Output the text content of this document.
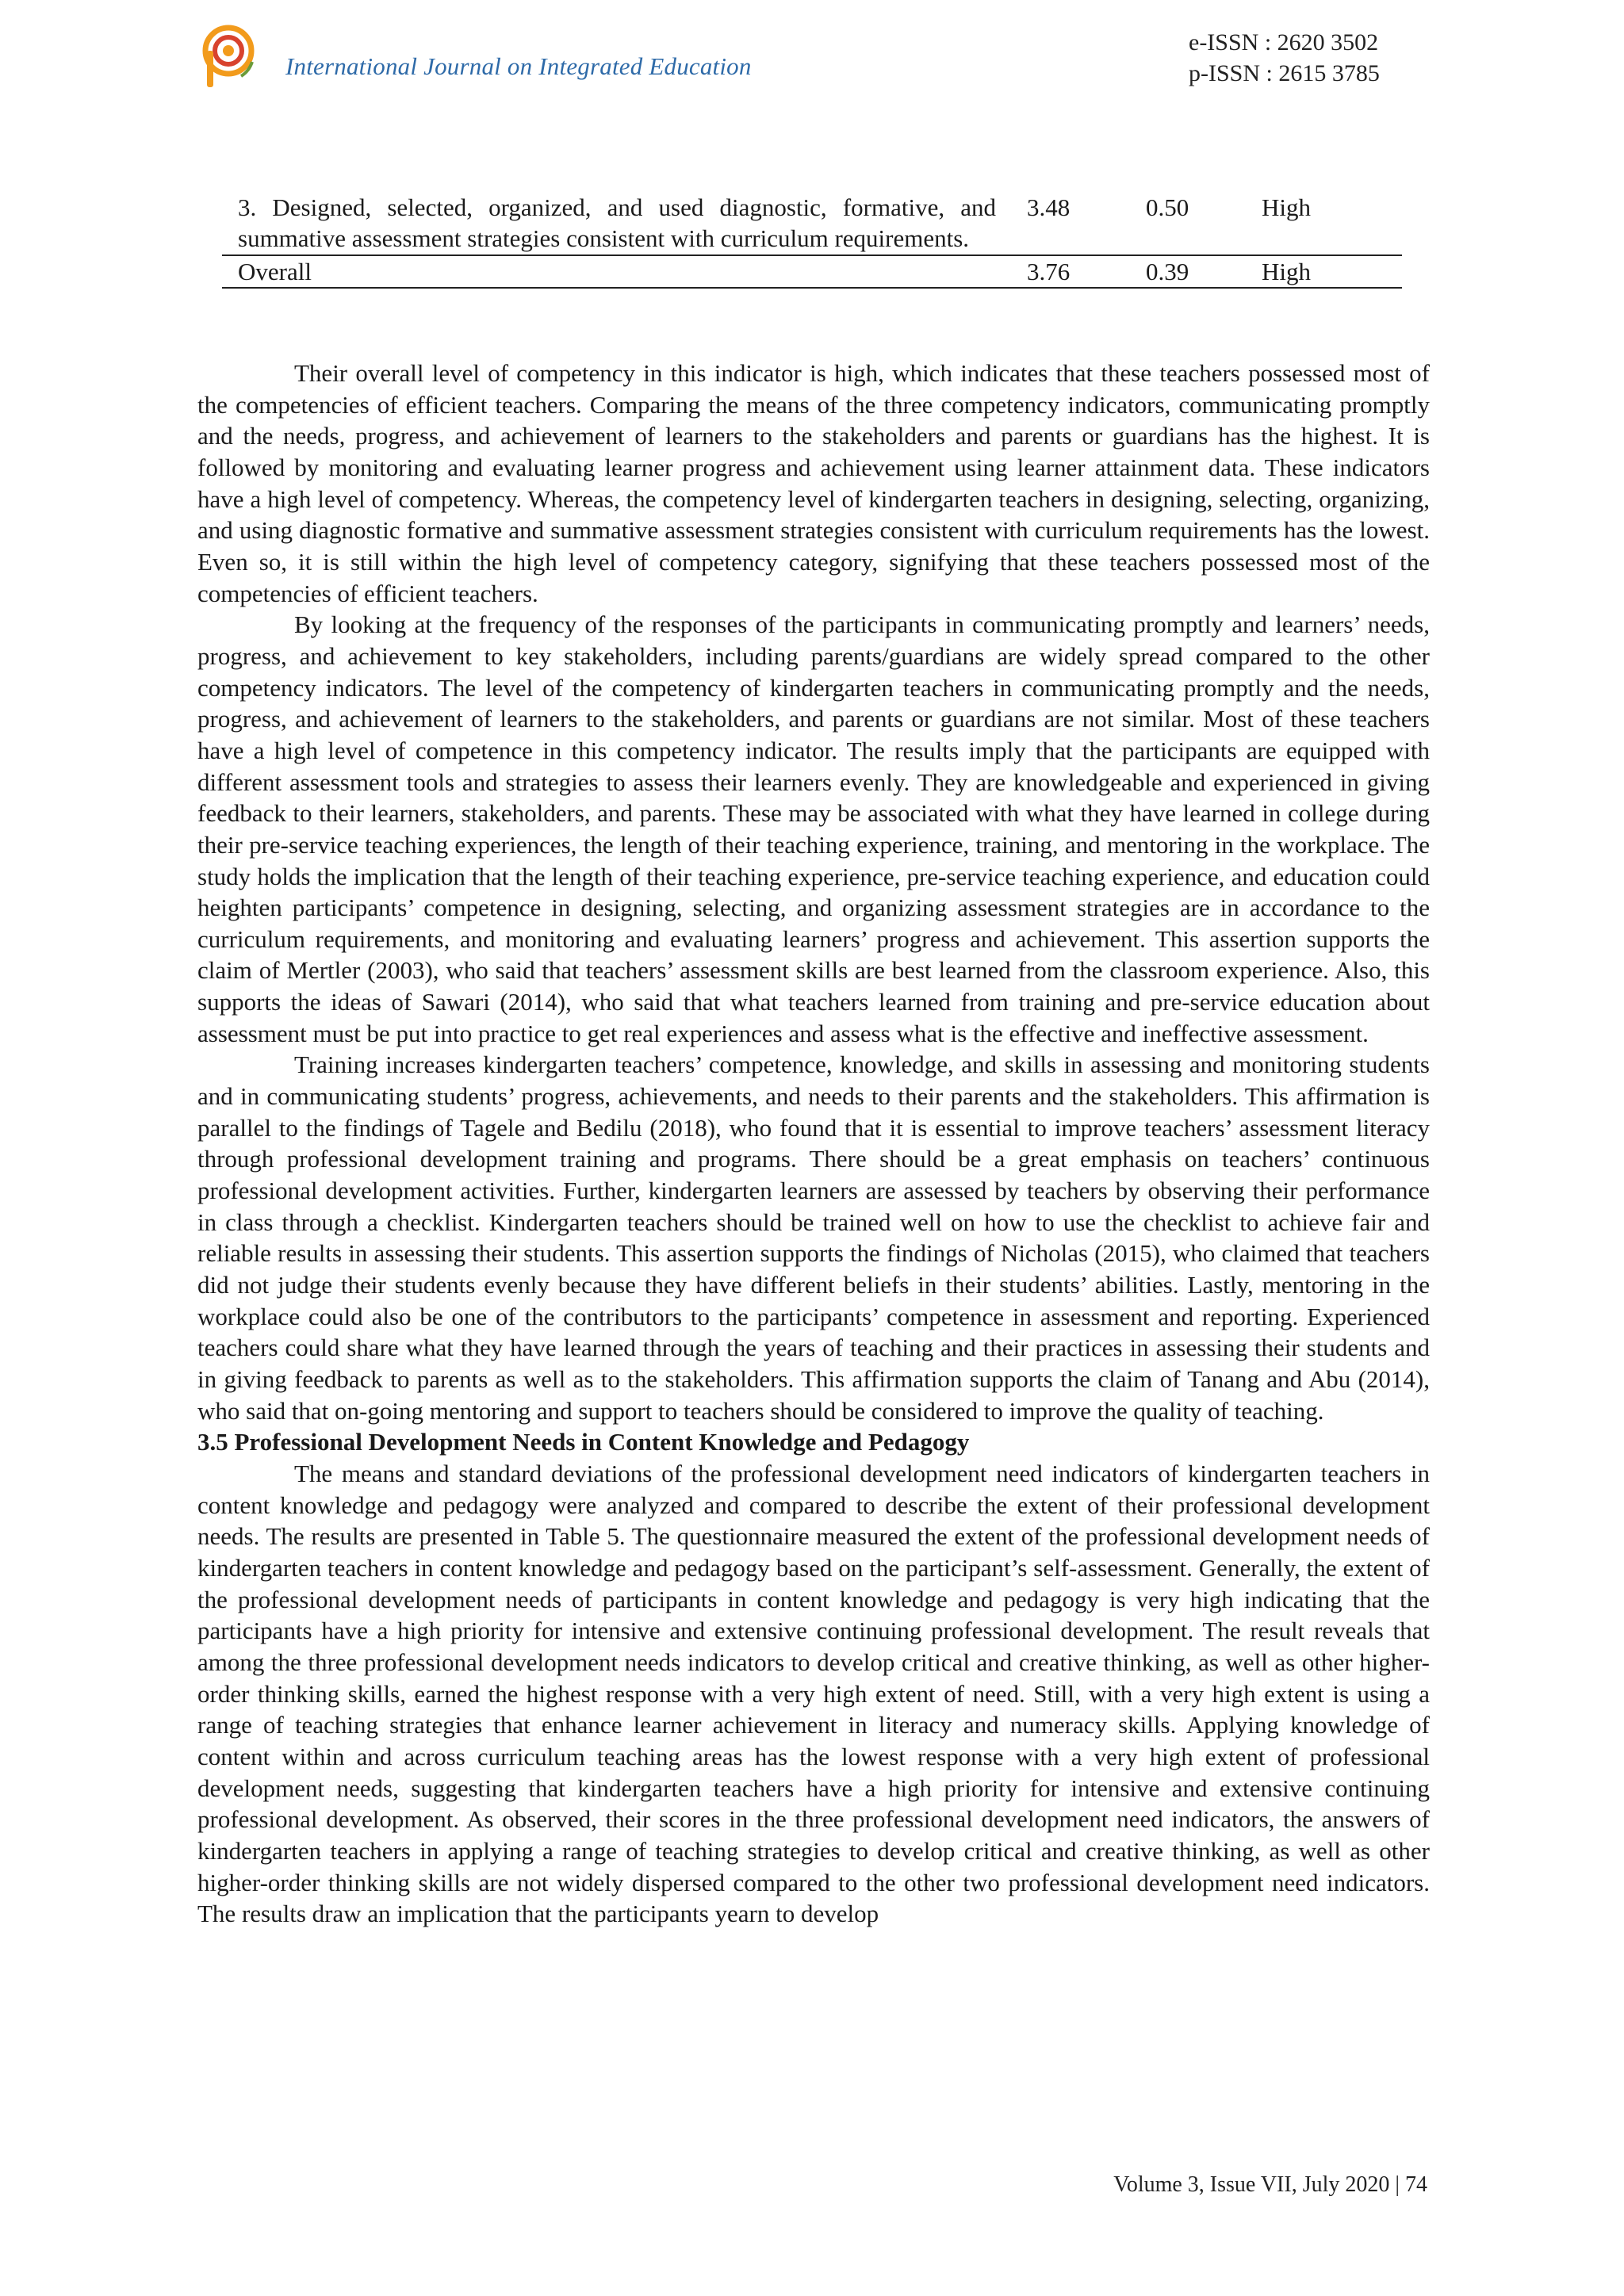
International Journal on Integrated Education
e-ISSN : 2620 3502
p-ISSN : 2615 3785
3. Designed, selected, organized, and used diagnostic, formative, and summative assessment strategies consistent with curriculum requirements.	3.48	0.50	High
Overall	3.76	0.39	High

Their overall level of competency in this indicator is high, which indicates that these teachers possessed most of the competencies of efficient teachers. Comparing the means of the three competency indicators, communicating promptly and the needs, progress, and achievement of learners to the stakeholders and parents or guardians has the highest. It is followed by monitoring and evaluating learner progress and achievement using learner attainment data. These indicators have a high level of competency. Whereas, the competency level of kindergarten teachers in designing, selecting, organizing, and using diagnostic formative and summative assessment strategies consistent with curriculum requirements has the lowest. Even so, it is still within the high level of competency category, signifying that these teachers possessed most of the competencies of efficient teachers.

By looking at the frequency of the responses of the participants in communicating promptly and learners’ needs, progress, and achievement to key stakeholders, including parents/guardians are widely spread compared to the other competency indicators. The level of the competency of kindergarten teachers in communicating promptly and the needs, progress, and achievement of learners to the stakeholders, and parents or guardians are not similar. Most of these teachers have a high level of competence in this competency indicator. The results imply that the participants are equipped with different assessment tools and strategies to assess their learners evenly. They are knowledgeable and experienced in giving feedback to their learners, stakeholders, and parents. These may be associated with what they have learned in college during their pre-service teaching experiences, the length of their teaching experience, training, and mentoring in the workplace. The study holds the implication that the length of their teaching experience, pre-service teaching experience, and education could heighten participants’ competence in designing, selecting, and organizing assessment strategies are in accordance to the curriculum requirements, and monitoring and evaluating learners’ progress and achievement. This assertion supports the claim of Mertler (2003), who said that teachers’ assessment skills are best learned from the classroom experience. Also, this supports the ideas of Sawari (2014), who said that what teachers learned from training and pre-service education about assessment must be put into practice to get real experiences and assess what is the effective and ineffective assessment.

Training increases kindergarten teachers’ competence, knowledge, and skills in assessing and monitoring students and in communicating students’ progress, achievements, and needs to their parents and the stakeholders. This affirmation is parallel to the findings of Tagele and Bedilu (2018), who found that it is essential to improve teachers’ assessment literacy through professional development training and programs. There should be a great emphasis on teachers’ continuous professional development activities. Further, kindergarten learners are assessed by teachers by observing their performance in class through a checklist. Kindergarten teachers should be trained well on how to use the checklist to achieve fair and reliable results in assessing their students. This assertion supports the findings of Nicholas (2015), who claimed that teachers did not judge their students evenly because they have different beliefs in their students’ abilities. Lastly, mentoring in the workplace could also be one of the contributors to the participants’ competence in assessment and reporting. Experienced teachers could share what they have learned through the years of teaching and their practices in assessing their students and in giving feedback to parents as well as to the stakeholders. This affirmation supports the claim of Tanang and Abu (2014), who said that on-going mentoring and support to teachers should be considered to improve the quality of teaching.

3.5 Professional Development Needs in Content Knowledge and Pedagogy

The means and standard deviations of the professional development need indicators of kindergarten teachers in content knowledge and pedagogy were analyzed and compared to describe the extent of their professional development needs. The results are presented in Table 5. The questionnaire measured the extent of the professional development needs of kindergarten teachers in content knowledge and pedagogy based on the participant’s self-assessment. Generally, the extent of the professional development needs of participants in content knowledge and pedagogy is very high indicating that the participants have a high priority for intensive and extensive continuing professional development. The result reveals that among the three professional development needs indicators to develop critical and creative thinking, as well as other higher-order thinking skills, earned the highest response with a very high extent of need. Still, with a very high extent is using a range of teaching strategies that enhance learner achievement in literacy and numeracy skills. Applying knowledge of content within and across curriculum teaching areas has the lowest response with a very high extent of professional development needs, suggesting that kindergarten teachers have a high priority for intensive and extensive continuing professional development. As observed, their scores in the three professional development need indicators, the answers of kindergarten teachers in applying a range of teaching strategies to develop critical and creative thinking, as well as other higher-order thinking skills are not widely dispersed compared to the other two professional development need indicators. The results draw an implication that the participants yearn to develop

Volume 3, Issue VII, July 2020 | 74
